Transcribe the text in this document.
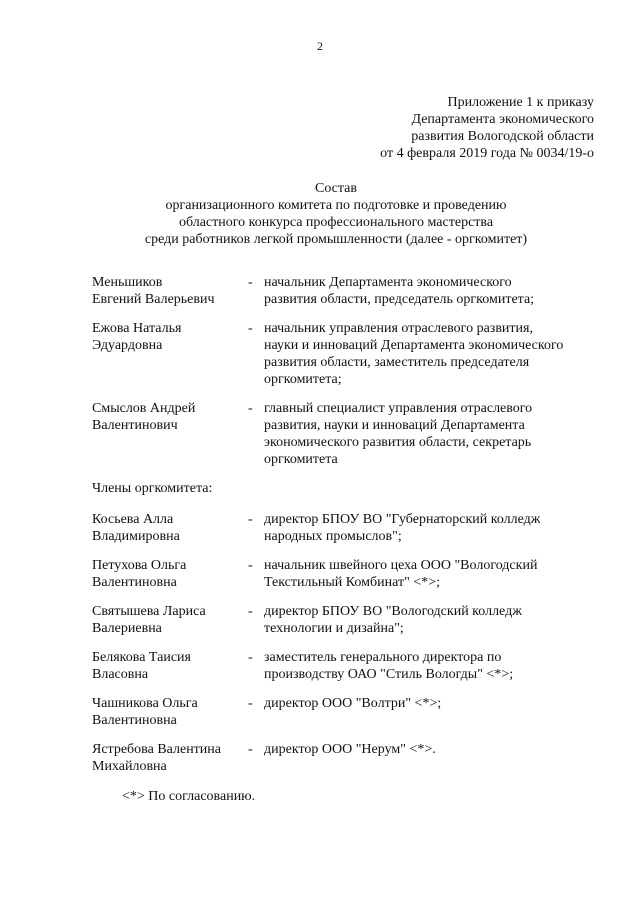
2
Приложение 1 к приказу
Департамента экономического
развития Вологодской области
от 4 февраля 2019 года № 0034/19-о
Состав
организационного комитета по подготовке и проведению
областного конкурса профессионального мастерства
среди работников легкой промышленности (далее - оргкомитет)
Меньшиков
Евгений Валерьевич
- начальник Департамента экономического
развития области, председатель оргкомитета;
Ежова Наталья
Эдуардовна
- начальник управления отраслевого развития,
науки и инноваций Департамента экономического
развития области, заместитель председателя
оргкомитета;
Смыслов Андрей
Валентинович
- главный специалист управления отраслевого
развития, науки и инноваций Департамента
экономического развития области, секретарь
оргкомитета
Члены оргкомитета:
Косьева Алла
Владимировна
- директор БПОУ ВО "Губернаторский колледж
народных промыслов";
Петухова Ольга
Валентиновна
- начальник швейного цеха ООО "Вологодский
Текстильный Комбинат" <*>;
Святышева Лариса
Валериевна
- директор БПОУ ВО "Вологодский колледж
технологии и дизайна";
Белякова Таисия
Власовна
- заместитель генерального директора по
производству ОАО "Стиль Вологды" <*>;
Чашникова Ольга
Валентиновна
- директор ООО "Волтри" <*>;
Ястребова Валентина
Михайловна
- директор ООО "Нерум" <*>.
<*> По согласованию.
